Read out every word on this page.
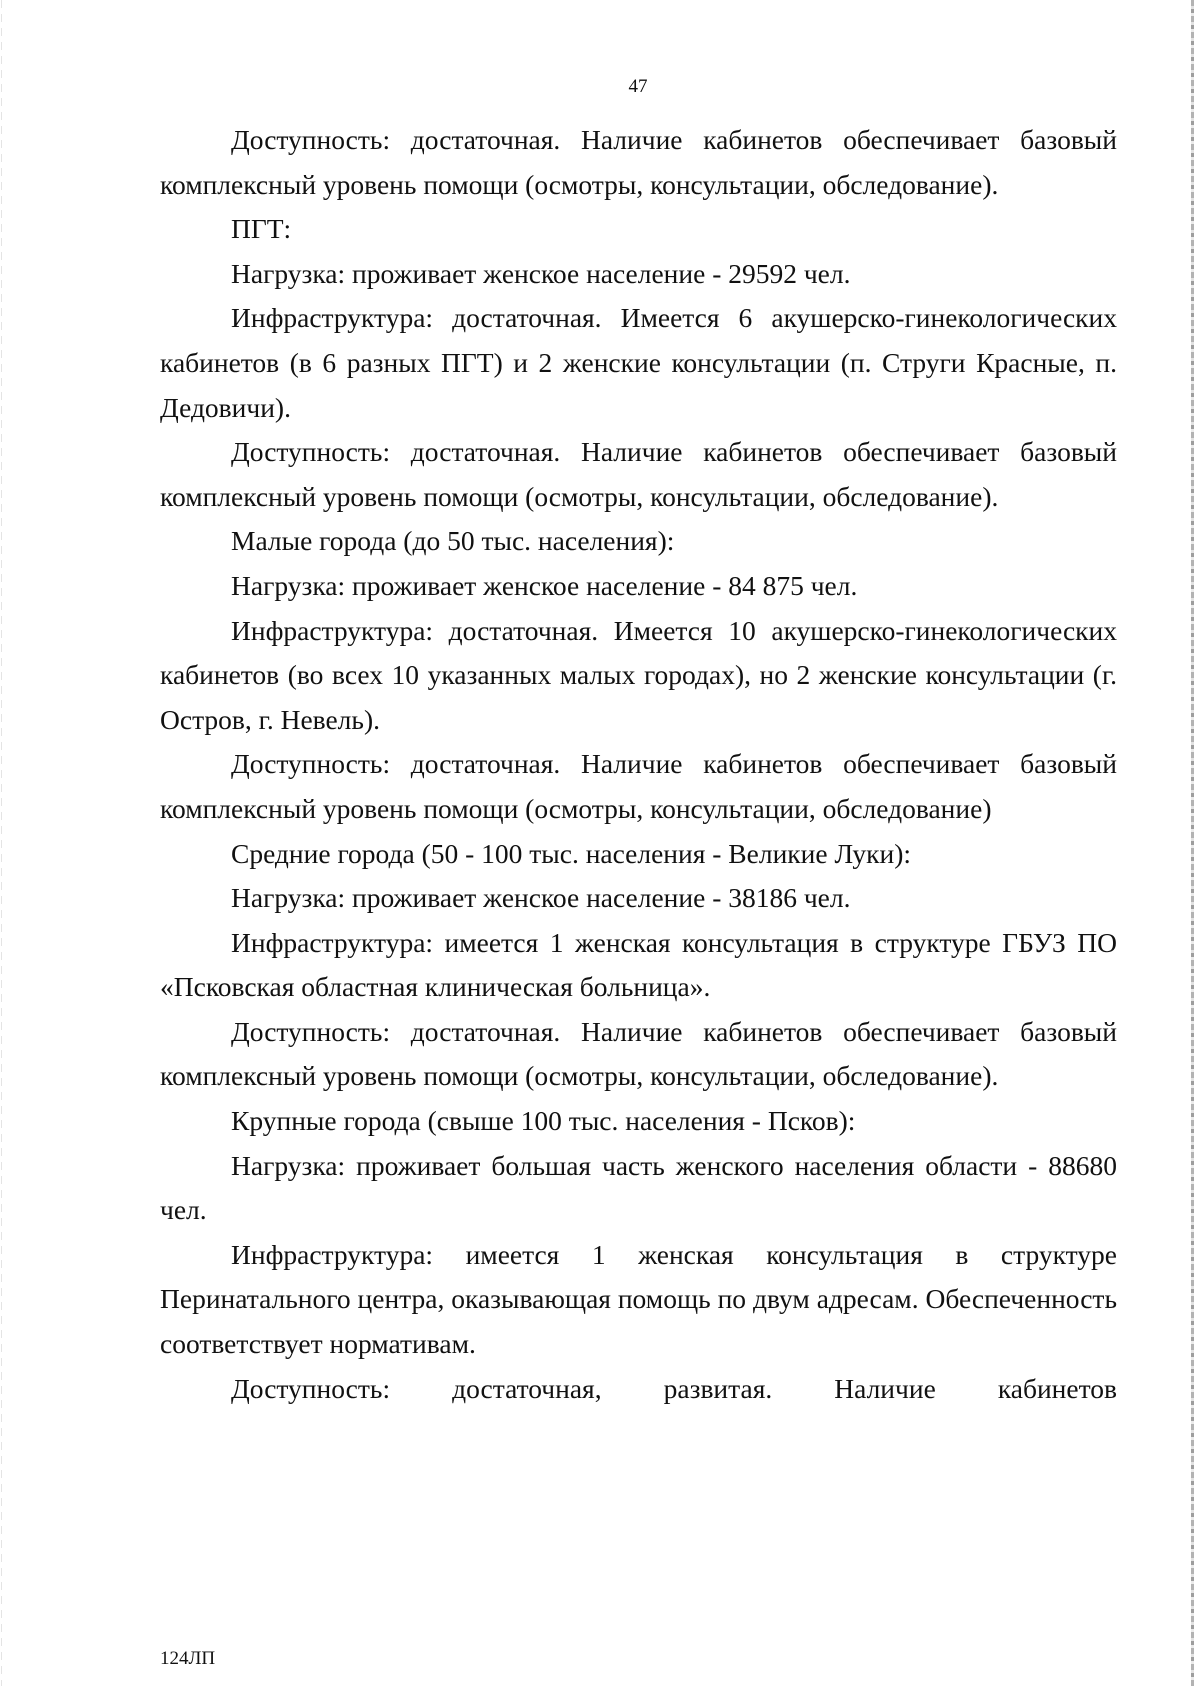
47

Доступность: достаточная. Наличие кабинетов обеспечивает базовый комплексный уровень помощи (осмотры, консультации, обследование).

ПГТ:

Нагрузка: проживает женское население - 29592 чел.

Инфраструктура: достаточная. Имеется 6 акушерско-гинекологических кабинетов (в 6 разных ПГТ) и 2 женские консультации (п. Струги Красные, п. Дедовичи).

Доступность: достаточная. Наличие кабинетов обеспечивает базовый комплексный уровень помощи (осмотры, консультации, обследование).

Малые города (до 50 тыс. населения):

Нагрузка: проживает женское население - 84 875 чел.

Инфраструктура: достаточная. Имеется 10 акушерско-гинекологических кабинетов (во всех 10 указанных малых городах), но 2 женские консультации (г. Остров, г. Невель).

Доступность: достаточная. Наличие кабинетов обеспечивает базовый комплексный уровень помощи (осмотры, консультации, обследование)

Средние города (50 - 100 тыс. населения - Великие Луки):

Нагрузка: проживает женское население - 38186 чел.

Инфраструктура: имеется 1 женская консультация в структуре ГБУЗ ПО «Псковская областная клиническая больница».

Доступность: достаточная. Наличие кабинетов обеспечивает базовый комплексный уровень помощи (осмотры, консультации, обследование).

Крупные города (свыше 100 тыс. населения - Псков):

Нагрузка: проживает большая часть женского населения области - 88680 чел.

Инфраструктура: имеется 1 женская консультация в структуре Перинатального центра, оказывающая помощь по двум адресам. Обеспеченность соответствует нормативам.

Доступность: достаточная, развитая. Наличие кабинетов

124ЛП
